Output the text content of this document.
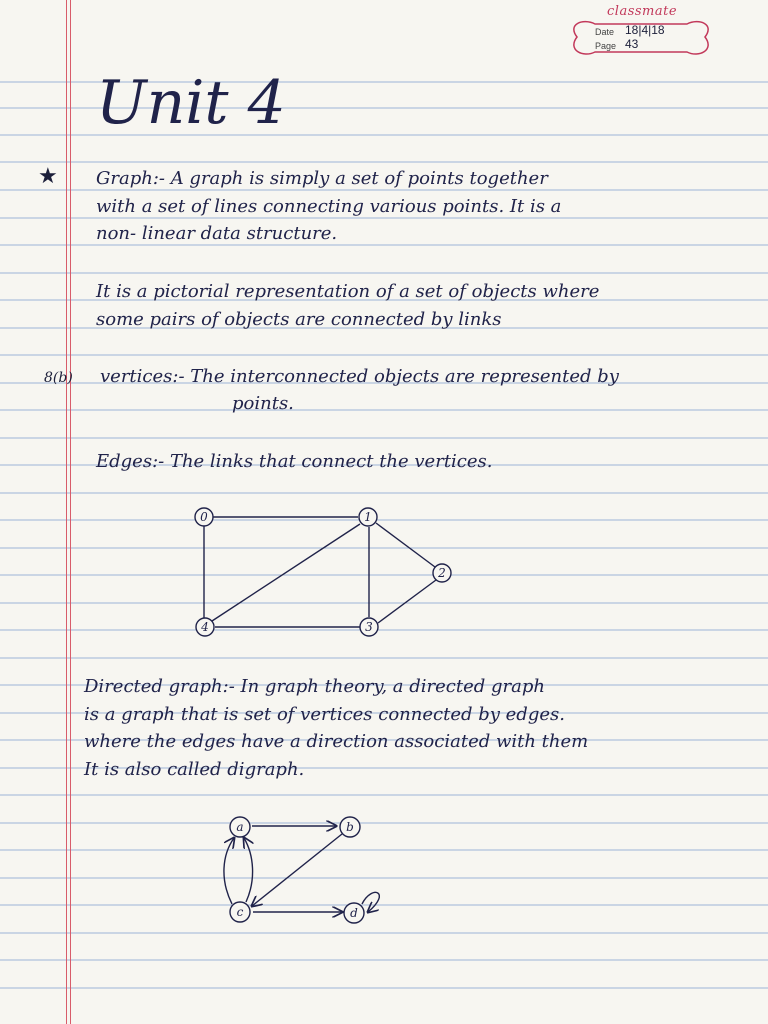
classmate
Date 18|4|18
Page 43
Unit 4
★ Graph:- A graph is simply a set of points together
with a set of lines connecting various points. It is a
non- linear data structure.
It is a pictorial representation of a set of objects where
some pairs of objects are connected by links
8(b) vertices:- The interconnected objects are represented by
points.
Edges:- The links that connect the vertices.
0	1
2
3
4
Directed graph:- In graph theory, a directed graph
is a graph that is set of vertices connected by edges.
where the edges have a direction associated with them
It is also called digraph.
a	b
c	d
